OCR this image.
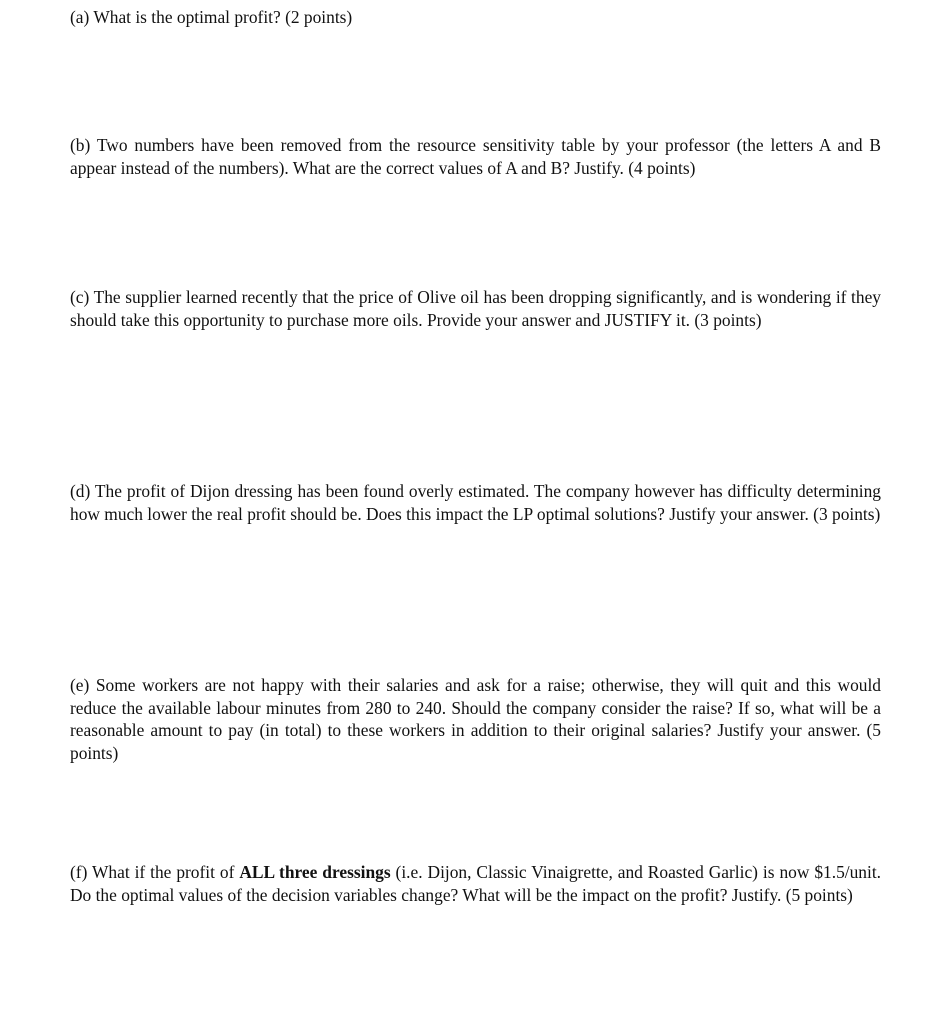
(a) What is the optimal profit? (2 points)

(b) Two numbers have been removed from the resource sensitivity table by your professor (the letters A and B appear instead of the numbers). What are the correct values of A and B? Justify. (4 points)

(c) The supplier learned recently that the price of Olive oil has been dropping significantly, and is wondering if they should take this opportunity to purchase more oils. Provide your answer and JUSTIFY it. (3 points)

(d) The profit of Dijon dressing has been found overly estimated. The company however has difficulty determining how much lower the real profit should be. Does this impact the LP optimal solutions? Justify your answer. (3 points)

(e) Some workers are not happy with their salaries and ask for a raise; otherwise, they will quit and this would reduce the available labour minutes from 280 to 240. Should the company consider the raise? If so, what will be a reasonable amount to pay (in total) to these workers in addition to their original salaries? Justify your answer. (5 points)

(f) What if the profit of ALL three dressings (i.e. Dijon, Classic Vinaigrette, and Roasted Garlic) is now $1.5/unit. Do the optimal values of the decision variables change? What will be the impact on the profit? Justify. (5 points)
